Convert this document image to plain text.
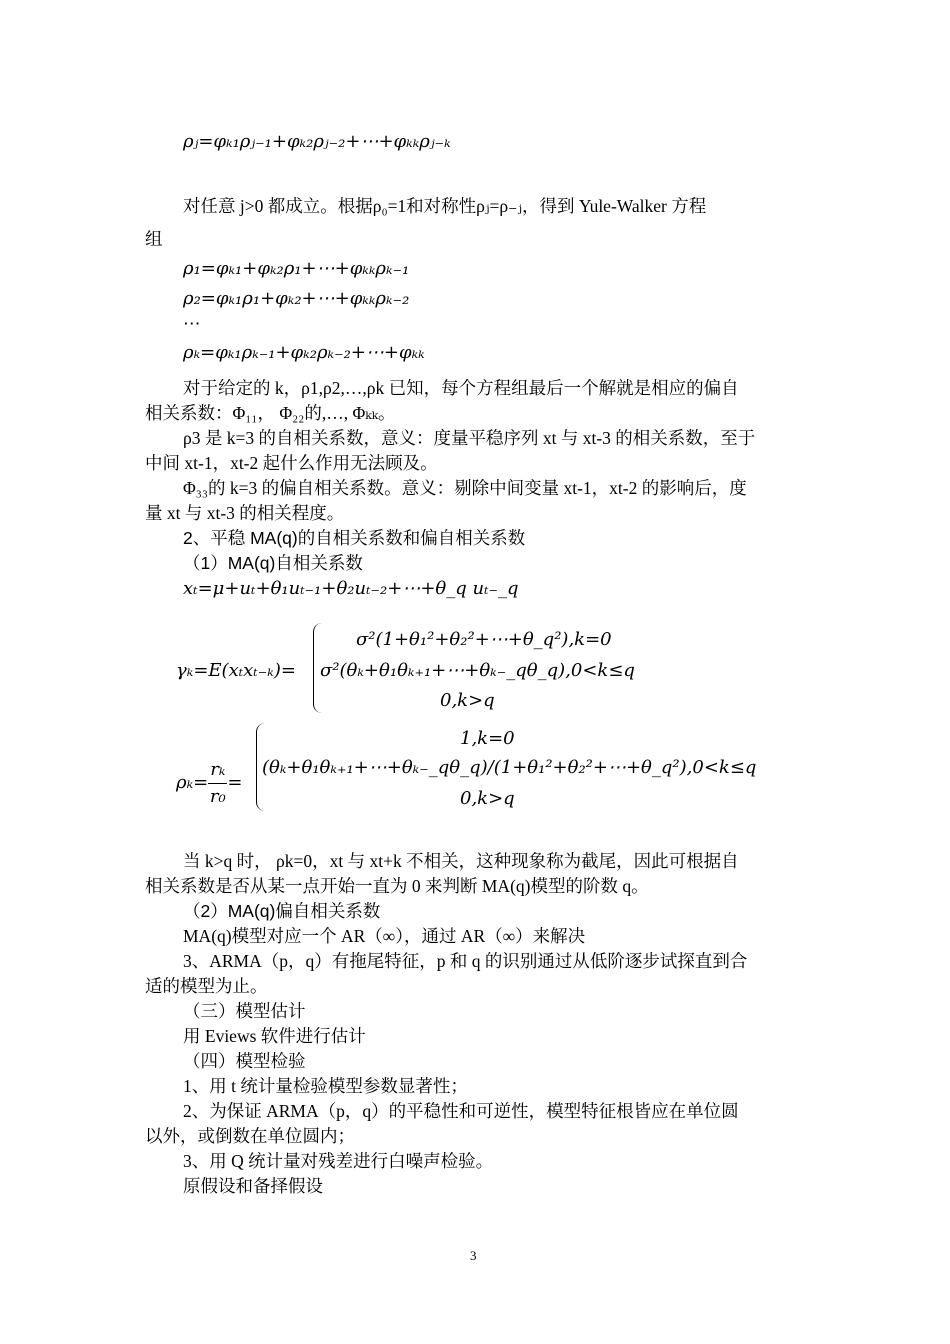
ρⱼ=φₖ₁ρⱼ₋₁+φₖ₂ρⱼ₋₂+⋯+φₖₖρⱼ₋ₖ
对任意 j>0 都成立。根据ρ₀=1和对称性ρⱼ=ρ₋ⱼ，得到 Yule-Walker 方程
组
ρ₁=φₖ₁+φₖ₂ρ₁+⋯+φₖₖρₖ₋₁
ρ₂=φₖ₁ρ₁+φₖ₂+⋯+φₖₖρₖ₋₂
⋯
ρₖ=φₖ₁ρₖ₋₁+φₖ₂ρₖ₋₂+⋯+φₖₖ
对于给定的 k，ρ1,ρ2,…,ρk 已知，每个方程组最后一个解就是相应的偏自
相关系数：Φ₁₁， Φ₂₂的,…, Φₖₖ。
ρ3 是 k=3 的自相关系数，意义：度量平稳序列 xt 与 xt-3 的相关系数，至于
中间 xt-1，xt-2 起什么作用无法顾及。
Φ₃₃的 k=3 的偏自相关系数。意义：剔除中间变量 xt-1，xt-2 的影响后，度
量 xt 与 xt-3 的相关程度。
2、平稳 MA(q)的自相关系数和偏自相关系数
（1）MA(q)自相关系数
xₜ=μ+uₜ+θ₁uₜ₋₁+θ₂uₜ₋₂+⋯+θ_q uₜ₋_q
γₖ=E(xₜxₜ₋ₖ)=
σ²(1+θ₁²+θ₂²+⋯+θ_q²),k=0
σ²(θₖ+θ₁θₖ₊₁+⋯+θₖ₋_qθ_q),0<k≤q
0,k>q
$\rho_k= \frac{\text{rₖ}}{\text{r₀}}$ =
1,k=0
(θₖ+θ₁θₖ₊₁+⋯+θₖ₋_qθ_q)/(1+θ₁²+θ₂²+⋯+θ_q²),0<k≤q
0,k>q
当 k>q 时， ρk=0，xt 与 xt+k 不相关，这种现象称为截尾，因此可根据自
相关系数是否从某一点开始一直为 0 来判断 MA(q)模型的阶数 q。
（2）MA(q)偏自相关系数
MA(q)模型对应一个 AR（∞），通过 AR（∞）来解决
3、ARMA（p，q）有拖尾特征，p 和 q 的识别通过从低阶逐步试探直到合
适的模型为止。
（三）模型估计
用 Eviews 软件进行估计
（四）模型检验
1、用 t 统计量检验模型参数显著性；
2、为保证 ARMA（p，q）的平稳性和可逆性，模型特征根皆应在单位圆
以外，或倒数在单位圆内；
3、用 Q 统计量对残差进行白噪声检验。
原假设和备择假设
3
